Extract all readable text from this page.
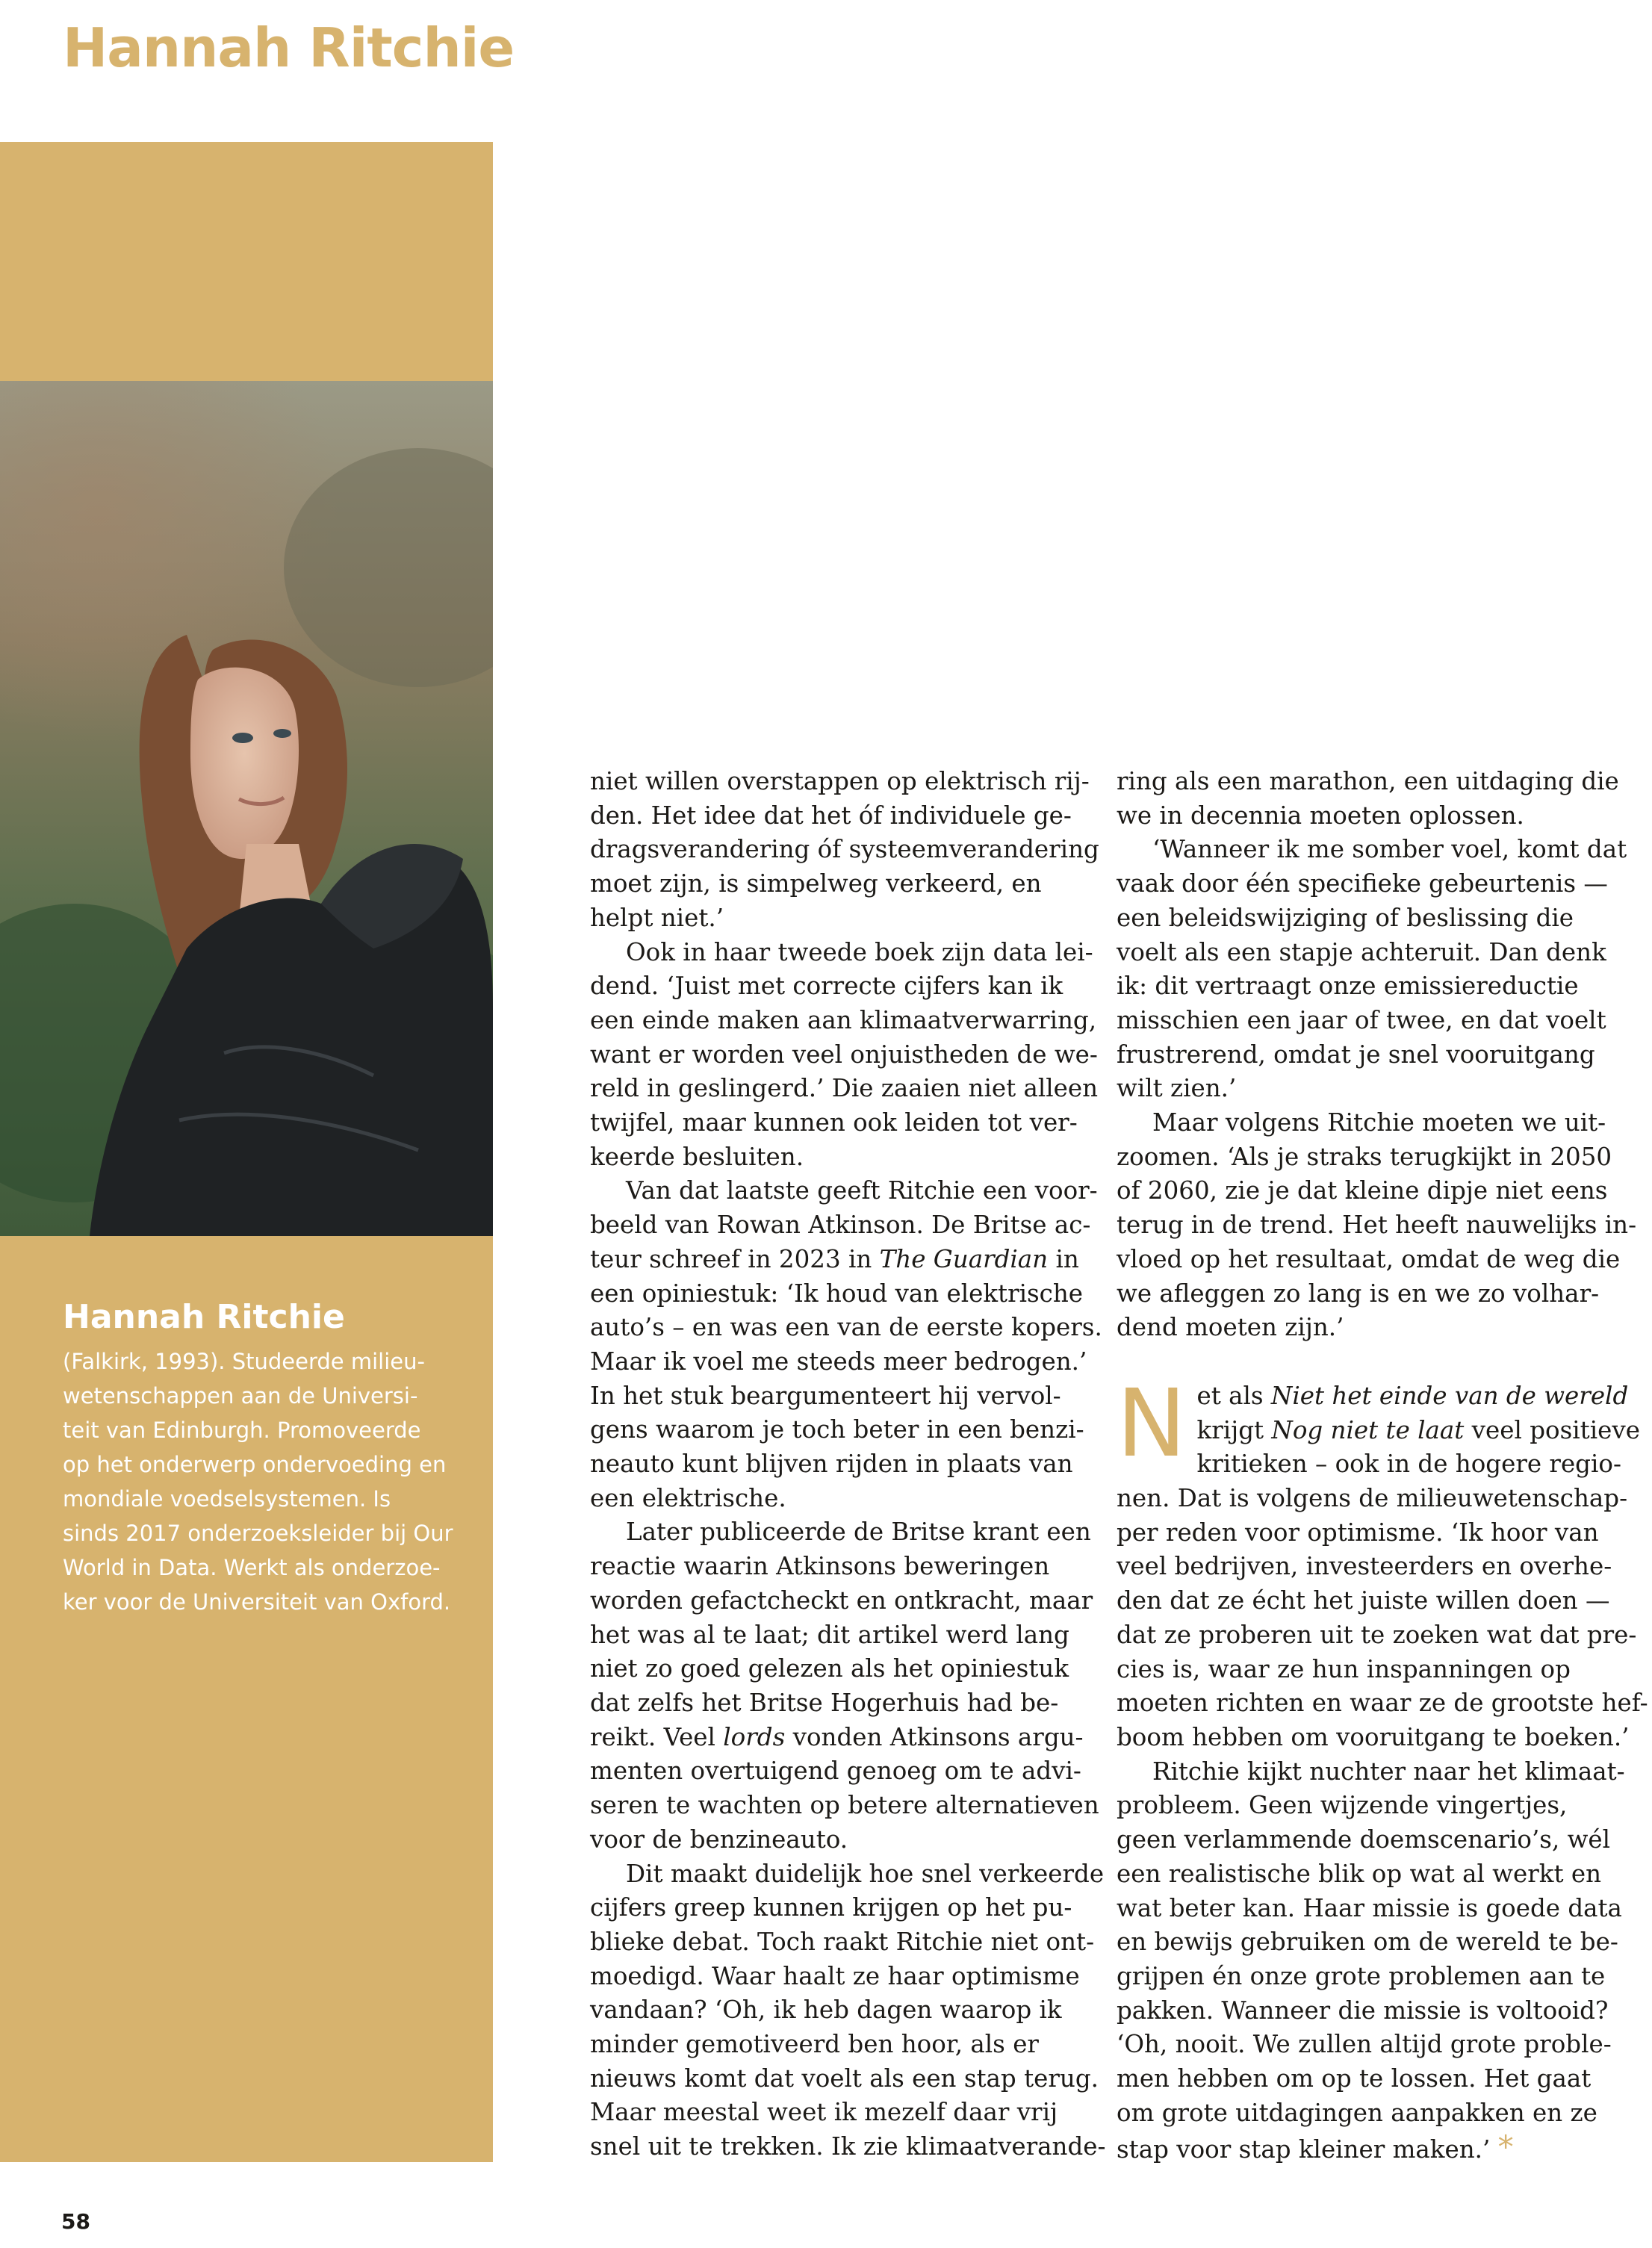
Hannah Ritchie
Hannah Ritchie
(Falkirk, 1993). Studeerde milieu-
wetenschappen aan de Universi-
teit van Edinburgh. Promoveerde
op het onderwerp ondervoeding en
mondiale voedselsystemen. Is
sinds 2017 onderzoeksleider bij Our
World in Data. Werkt als onderzoe-
ker voor de Universiteit van Oxford.

niet willen overstappen op elektrisch rij-
den. Het idee dat het óf individuele ge-
dragsverandering óf systeemverandering
moet zijn, is simpelweg verkeerd, en
helpt niet.’

Ook in haar tweede boek zijn data lei-
dend. ‘Juist met correcte cijfers kan ik
een einde maken aan klimaatverwarring,
want er worden veel onjuistheden de we-
reld in geslingerd.’ Die zaaien niet alleen
twijfel, maar kunnen ook leiden tot ver-
keerde besluiten.

Van dat laatste geeft Ritchie een voor-
beeld van Rowan Atkinson. De Britse ac-
teur schreef in 2023 in The Guardian in
een opiniestuk: ‘Ik houd van elektrische
auto’s – en was een van de eerste kopers.
Maar ik voel me steeds meer bedrogen.’
In het stuk beargumenteert hij vervol-
gens waarom je toch beter in een benzi-
neauto kunt blijven rijden in plaats van
een elektrische.

Later publiceerde de Britse krant een
reactie waarin Atkinsons beweringen
worden gefactcheckt en ontkracht, maar
het was al te laat; dit artikel werd lang
niet zo goed gelezen als het opiniestuk
dat zelfs het Britse Hogerhuis had be-
reikt. Veel lords vonden Atkinsons argu-
menten overtuigend genoeg om te advi-
seren te wachten op betere alternatieven
voor de benzineauto.

Dit maakt duidelijk hoe snel verkeerde
cijfers greep kunnen krijgen op het pu-
blieke debat. Toch raakt Ritchie niet ont-
moedigd. Waar haalt ze haar optimisme
vandaan? ‘Oh, ik heb dagen waarop ik
minder gemotiveerd ben hoor, als er
nieuws komt dat voelt als een stap terug.
Maar meestal weet ik mezelf daar vrij
snel uit te trekken. Ik zie klimaatverande-

ring als een marathon, een uitdaging die
we in decennia moeten oplossen.

‘Wanneer ik me somber voel, komt dat
vaak door één specifieke gebeurtenis —
een beleidswijziging of beslissing die
voelt als een stapje achteruit. Dan denk
ik: dit vertraagt onze emissiereductie
misschien een jaar of twee, en dat voelt
frustrerend, omdat je snel vooruitgang
wilt zien.’

Maar volgens Ritchie moeten we uit-
zoomen. ‘Als je straks terugkijkt in 2050
of 2060, zie je dat kleine dipje niet eens
terug in de trend. Het heeft nauwelijks in-
vloed op het resultaat, omdat de weg die
we afleggen zo lang is en we zo volhar-
dend moeten zijn.’

N et als Niet het einde van de wereld
krijgt Nog niet te laat veel positieve
kritieken – ook in de hogere regio-
nen. Dat is volgens de milieuwetenschap-
per reden voor optimisme. ‘Ik hoor van
veel bedrijven, investeerders en overhe-
den dat ze écht het juiste willen doen —
dat ze proberen uit te zoeken wat dat pre-
cies is, waar ze hun inspanningen op
moeten richten en waar ze de grootste hef-
boom hebben om vooruitgang te boeken.’

Ritchie kijkt nuchter naar het klimaat-
probleem. Geen wijzende vingertjes,
geen verlammende doemscenario’s, wél
een realistische blik op wat al werkt en
wat beter kan. Haar missie is goede data
en bewijs gebruiken om de wereld te be-
grijpen én onze grote problemen aan te
pakken. Wanneer die missie is voltooid?
‘Oh, nooit. We zullen altijd grote proble-
men hebben om op te lossen. Het gaat
om grote uitdagingen aanpakken en ze
stap voor stap kleiner maken.’ *

58
